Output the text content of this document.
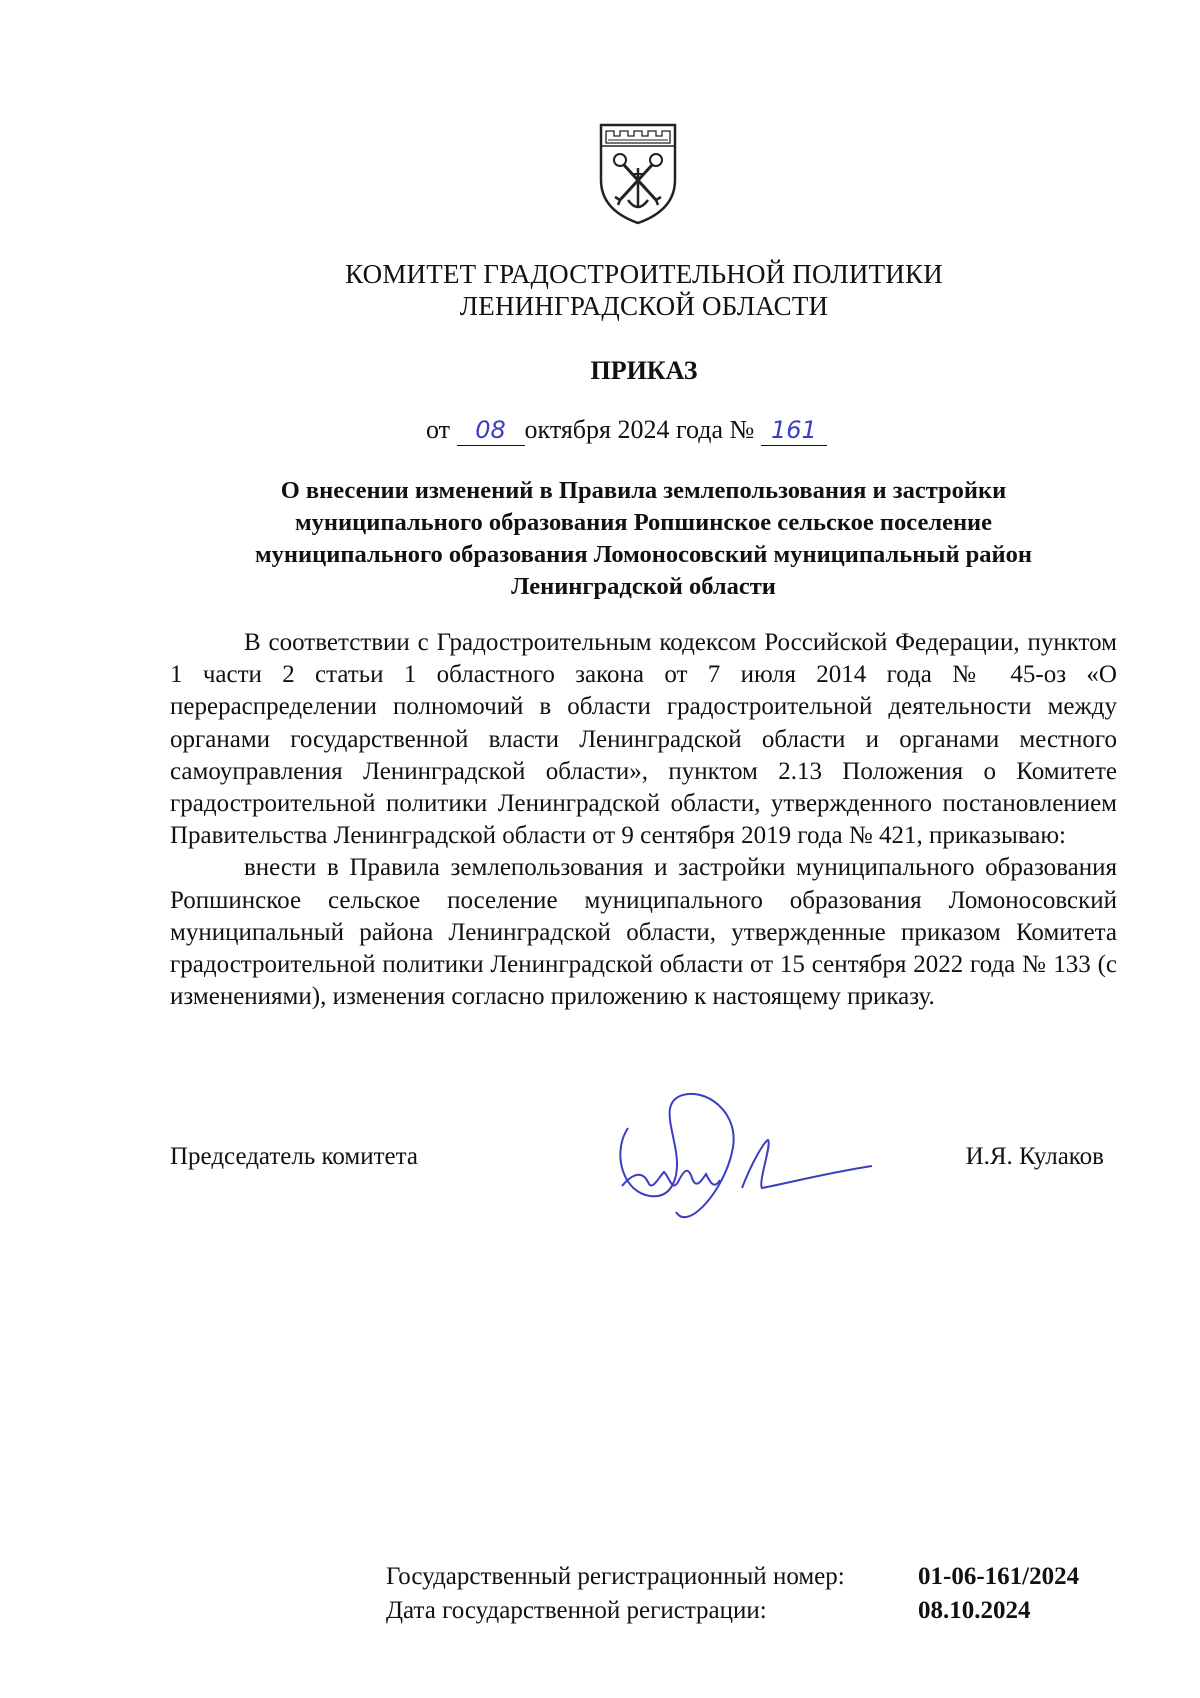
КОМИТЕТ ГРАДОСТРОИТЕЛЬНОЙ ПОЛИТИКИ
ЛЕНИНГРАДСКОЙ ОБЛАСТИ
ПРИКАЗ
от 08 октября 2024 года № 161
О внесении изменений в Правила землепользования и застройки
муниципального образования Ропшинское сельское поселение
муниципального образования Ломоносовский муниципальный район
Ленинградской области

В соответствии с Градостроительным кодексом Российской Федерации, пунктом 1 части 2 статьи 1 областного закона от 7 июля 2014 года № 45-оз «О перераспределении полномочий в области градостроительной деятельности между органами государственной власти Ленинградской области и органами местного самоуправления Ленинградской области», пунктом 2.13 Положения о Комитете градостроительной политики Ленинградской области, утвержденного постановлением Правительства Ленинградской области от 9 сентября 2019 года № 421, приказываю:

внести в Правила землепользования и застройки муниципального образования Ропшинское сельское поселение муниципального образования Ломоносовский муниципальный района Ленинградской области, утвержденные приказом Комитета градостроительной политики Ленинградской области от 15 сентября 2022 года № 133 (с изменениями), изменения согласно приложению к настоящему приказу.

Председатель комитета	И.Я. Кулаков
Государственный регистрационный номер:	01-06-161/2024
Дата государственной регистрации:	08.10.2024
